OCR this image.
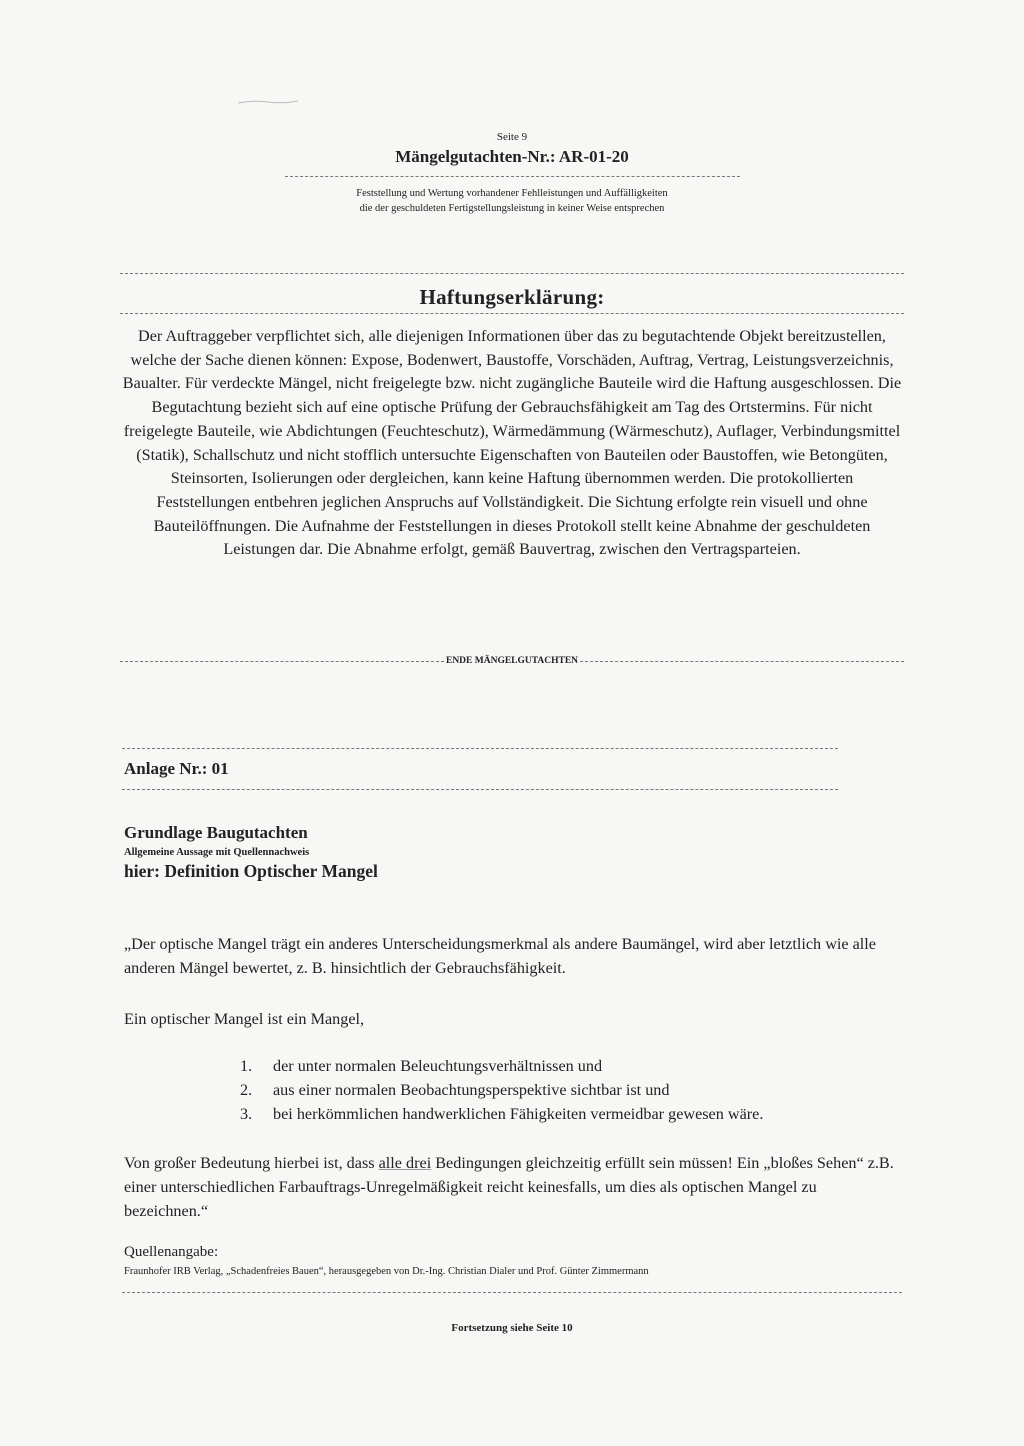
Seite 9
Mängelgutachten-Nr.: AR-01-20
Feststellung und Wertung vorhandener Fehlleistungen und Auffälligkeiten
die der geschuldeten Fertigstellungsleistung in keiner Weise entsprechen
Haftungserklärung:
Der Auftraggeber verpflichtet sich, alle diejenigen Informationen über das zu begutachtende Objekt bereitzustellen, welche der Sache dienen können: Expose, Bodenwert, Baustoffe, Vorschäden, Auftrag, Vertrag, Leistungsverzeichnis, Baualter. Für verdeckte Mängel, nicht freigelegte bzw. nicht zugängliche Bauteile wird die Haftung ausgeschlossen. Die Begutachtung bezieht sich auf eine optische Prüfung der Gebrauchsfähigkeit am Tag des Ortstermins. Für nicht freigelegte Bauteile, wie Abdichtungen (Feuchteschutz), Wärmedämmung (Wärmeschutz), Auflager, Verbindungsmittel (Statik), Schallschutz und nicht stofflich untersuchte Eigenschaften von Bauteilen oder Baustoffen, wie Betongüten, Steinsorten, Isolierungen oder dergleichen, kann keine Haftung übernommen werden. Die protokollierten Feststellungen entbehren jeglichen Anspruchs auf Vollständigkeit. Die Sichtung erfolgte rein visuell und ohne Bauteilöffnungen. Die Aufnahme der Feststellungen in dieses Protokoll stellt keine Abnahme der geschuldeten Leistungen dar. Die Abnahme erfolgt, gemäß Bauvertrag, zwischen den Vertragsparteien.
ENDE MÄNGELGUTACHTEN
Anlage Nr.: 01
Grundlage Baugutachten
Allgemeine Aussage mit Quellennachweis
hier: Definition Optischer Mangel
„Der optische Mangel trägt ein anderes Unterscheidungsmerkmal als andere Baumängel, wird aber letztlich wie alle anderen Mängel bewertet, z. B. hinsichtlich der Gebrauchsfähigkeit.
Ein optischer Mangel ist ein Mangel,
1.	der unter normalen Beleuchtungsverhältnissen und
2.	aus einer normalen Beobachtungsperspektive sichtbar ist und
3.	bei herkömmlichen handwerklichen Fähigkeiten vermeidbar gewesen wäre.
Von großer Bedeutung hierbei ist, dass alle drei Bedingungen gleichzeitig erfüllt sein müssen! Ein „bloßes Sehen“ z.B. einer unterschiedlichen Farbauftrags-Unregelmäßigkeit reicht keinesfalls, um dies als optischen Mangel zu bezeichnen.“
Quellenangabe:
Fraunhofer IRB Verlag, „Schadenfreies Bauen“, herausgegeben von Dr.-Ing. Christian Dialer und Prof. Günter Zimmermann
Fortsetzung siehe Seite 10
